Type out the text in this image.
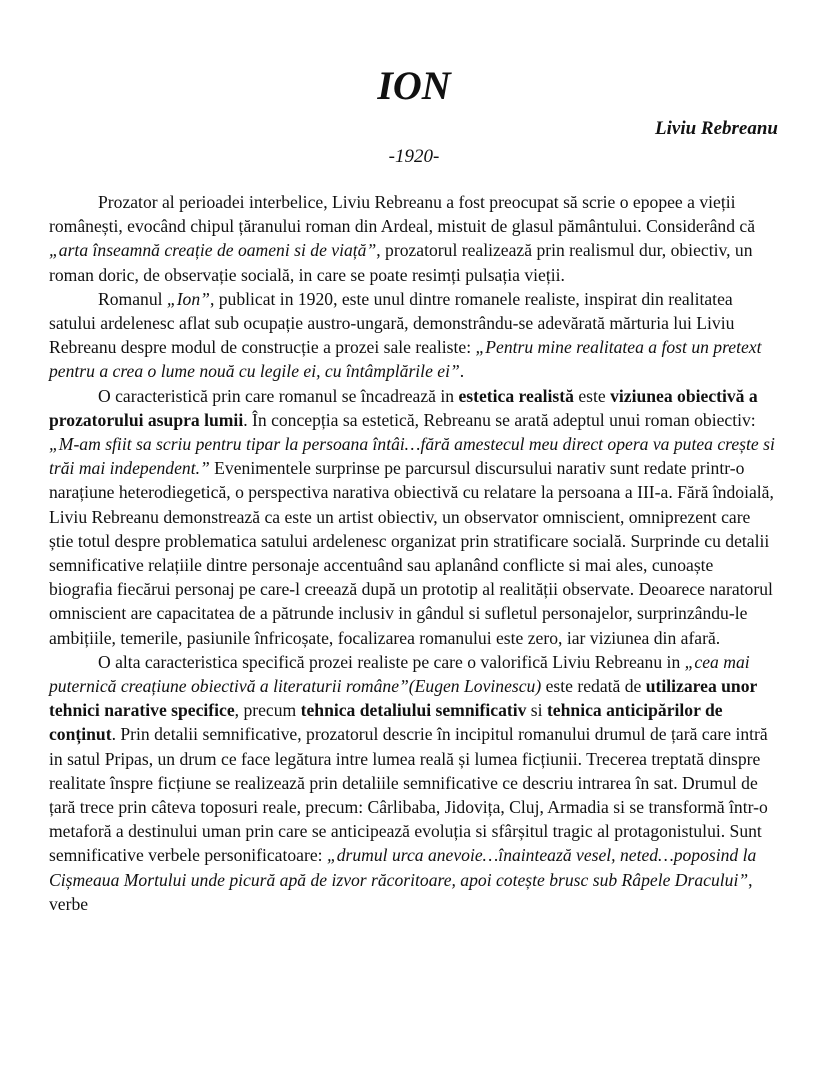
ION

Liviu Rebreanu

-1920-

Prozator al perioadei interbelice, Liviu Rebreanu a fost preocupat să scrie o epopee a vieții românești, evocând chipul țăranului roman din Ardeal, mistuit de glasul pământului. Considerând că „arta înseamnă creație de oameni si de viață”, prozatorul realizează prin realismul dur, obiectiv, un roman doric, de observație socială, in care se poate resimți pulsația vieții.

Romanul „Ion”, publicat in 1920, este unul dintre romanele realiste, inspirat din realitatea satului ardelenesc aflat sub ocupație austro-ungară, demonstrându-se adevărată mărturia lui Liviu Rebreanu despre modul de construcție a prozei sale realiste: „Pentru mine realitatea a fost un pretext pentru a crea o lume nouă cu legile ei, cu întâmplările ei”.

O caracteristică prin care romanul se încadrează in estetica realistă este viziunea obiectivă a prozatorului asupra lumii. În concepția sa estetică, Rebreanu se arată adeptul unui roman obiectiv: „M-am sfiit sa scriu pentru tipar la persoana întâi…fără amestecul meu direct opera va putea crește si trăi mai independent.” Evenimentele surprinse pe parcursul discursului narativ sunt redate printr-o narațiune heterodiegetică, o perspectiva narativa obiectivă cu relatare la persoana a III-a. Fără îndoială, Liviu Rebreanu demonstrează ca este un artist obiectiv, un observator omniscient, omniprezent care știe totul despre problematica satului ardelenesc organizat prin stratificare socială. Surprinde cu detalii semnificative relațiile dintre personaje accentuând sau aplanând conflicte si mai ales, cunoaște biografia fiecărui personaj pe care-l creează după un prototip al realității observate. Deoarece naratorul omniscient are capacitatea de a pătrunde inclusiv in gândul si sufletul personajelor, surprinzându-le ambițiile, temerile, pasiunile înfricoșate, focalizarea romanului este zero, iar viziunea din afară.

O alta caracteristica specifică prozei realiste pe care o valorifică Liviu Rebreanu in „cea mai puternică creațiune obiectivă a literaturii române”(Eugen Lovinescu) este redată de utilizarea unor tehnici narative specifice, precum tehnica detaliului semnificativ si tehnica anticipărilor de conținut. Prin detalii semnificative, prozatorul descrie în incipitul romanului drumul de țară care intră in satul Pripas, un drum ce face legătura intre lumea reală și lumea ficțiunii. Trecerea treptată dinspre realitate înspre ficțiune se realizează prin detaliile semnificative ce descriu intrarea în sat. Drumul de țară trece prin câteva toposuri reale, precum: Cârlibaba, Jidovița, Cluj, Armadia si se transformă într-o metaforă a destinului uman prin care se anticipează evoluția si sfârșitul tragic al protagonistului. Sunt semnificative verbele personificatoare: „drumul urca anevoie…înaintează vesel, neted…poposind la Cișmeaua Mortului unde picură apă de izvor răcoritoare, apoi cotește brusc sub Râpele Dracului”, verbe
